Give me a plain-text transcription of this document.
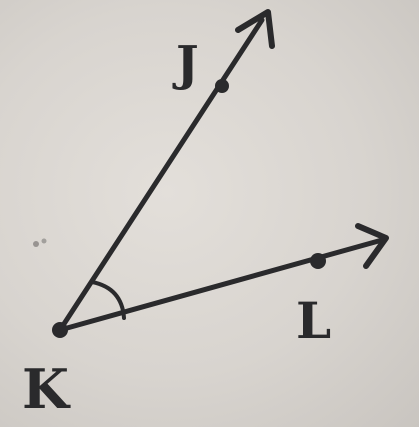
J
L
K
